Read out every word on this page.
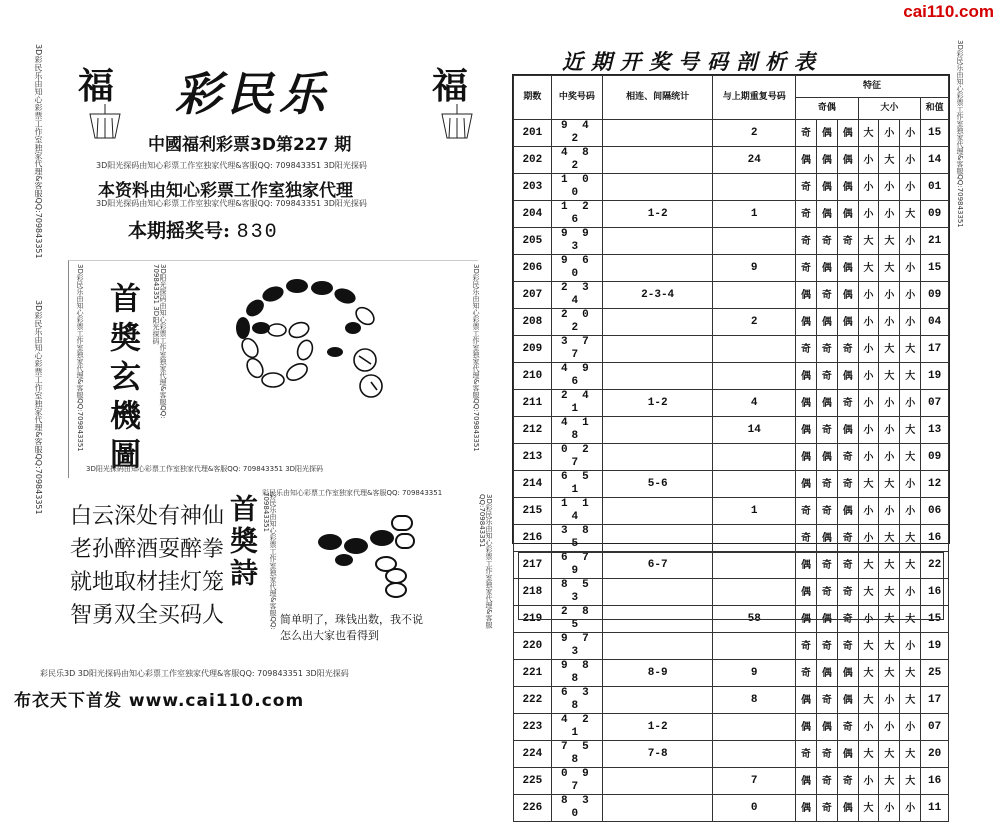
cai110.com
3D彩民乐由知心彩票工作室独家代理&客服QQ:709843351
3D彩民乐由知心彩票工作室独家代理&客服QQ:709843351
福 彩民乐	福
中國福利彩票3D第227 期
3D阳光探码由知心彩票工作室独家代理&客服QQ: 709843351 3D阳光探码
本资料由知心彩票工作室独家代理
3D阳光探码由知心彩票工作室独家代理&客服QQ: 709843351 3D阳光探码
本期摇奖号: 830
3D阳光探码由知心彩票工作室独家代理&客服QQ: 709843351 3D阳光探码
3D彩民乐由知心彩票工作室独家代理&客服QQ:709843351	3D彩民乐由知心彩票工作室独家代理&客服QQ:709843351
首奬玄機圖
3D阳光探码由知心彩票工作室独家代理&客服QQ: 709843351 3D阳光探码
白云深处有神仙
老孙醉酒耍醉拳
就地取材挂灯笼
智勇双全买码人
首奬詩	彩民乐由知心彩票工作室独家代理&客服QQ: 709843351
彩民乐由知心彩票工作室独家代理&客服QQ: 709843351
3D彩民乐由知心彩票工作室独家代理&客服QQ:709843351
简单明了，珠钱出数，我不说
怎么出大家也看得到
彩民乐3D 3D阳光探码由知心彩票工作室独家代理&客服QQ: 709843351 3D阳光探码
布衣天下首发 www.cai110.com
近期开奖号码剖析表	3D彩民乐由知心彩票工作室独家代理&客服QQ:709843351
期数	中奖号码	相连、间隔统计	与上期重复号码	特征						
				奇偶			大小			和值
201	9 4 2		2	奇	偶	偶	大	小	小	15
202	4 8 2		24	偶	偶	偶	小	大	小	14
203	1 0 0			奇	偶	偶	小	小	小	01
204	1 2 6	1-2	1	奇	偶	偶	小	小	大	09
205	9 9 3			奇	奇	奇	大	大	小	21
206	9 6 0		9	奇	偶	偶	大	大	小	15
207	2 3 4	2-3-4		偶	奇	偶	小	小	小	09
208	2 0 2		2	偶	偶	偶	小	小	小	04
209	3 7 7			奇	奇	奇	小	大	大	17
210	4 9 6			偶	奇	偶	小	大	大	19
211	2 4 1	1-2	4	偶	偶	奇	小	小	小	07
212	4 1 8		14	偶	奇	偶	小	小	大	13
213	0 2 7			偶	偶	奇	小	小	大	09
214	6 5 1	5-6		偶	奇	奇	大	大	小	12
215	1 1 4		1	奇	奇	偶	小	小	小	06
216	3 8 5			奇	偶	奇	小	大	大	16
217	6 7 9	6-7		偶	奇	奇	大	大	大	22
218	8 5 3			偶	奇	奇	大	大	小	16
219	2 8 5		58	偶	偶	奇	小	大	大	15
220	9 7 3			奇	奇	奇	大	大	小	19
221	9 8 8	8-9	9	奇	偶	偶	大	大	大	25
222	6 3 8		8	偶	奇	偶	大	小	大	17
223	4 2 1	1-2		偶	偶	奇	小	小	小	07
224	7 5 8	7-8		奇	奇	偶	大	大	大	20
225	0 9 7		7	偶	奇	奇	小	大	大	16
226	8 3 0		0	偶	奇	偶	大	小	小	11
